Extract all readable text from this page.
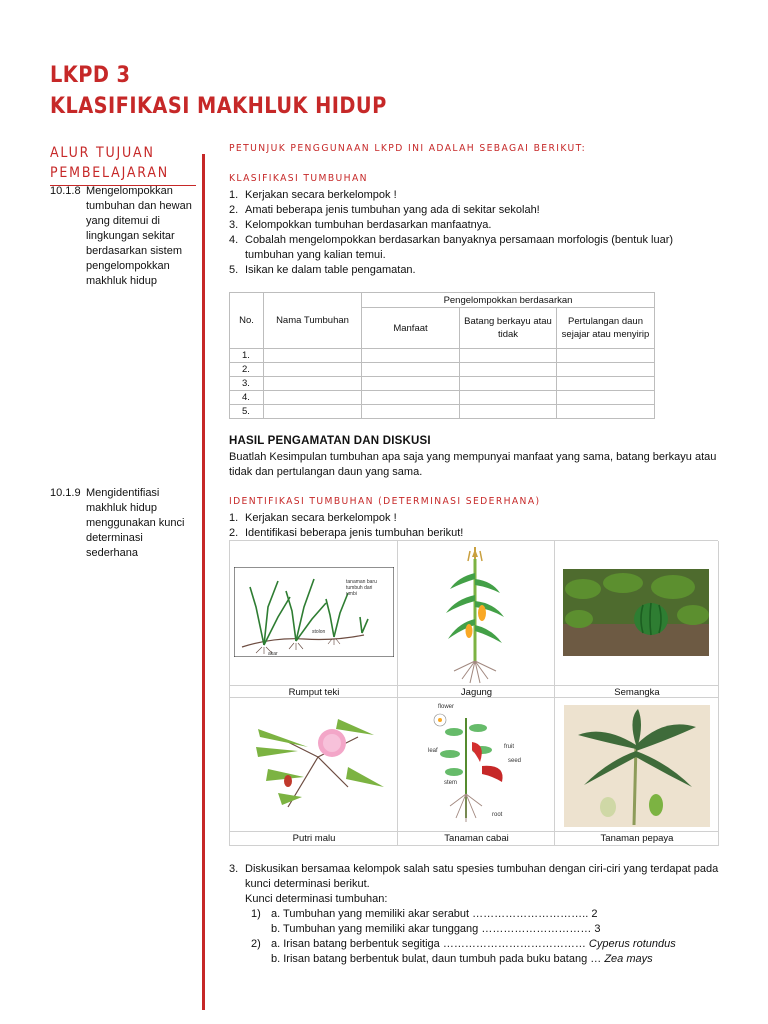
LKPD 3
KLASIFIKASI MAKHLUK HIDUP
ALUR TUJUAN
PEMBELAJARAN
10.1.8 Mengelompokkan tumbuhan dan hewan yang ditemui di lingkungan sekitar berdasarkan sistem pengelompokkan makhluk hidup
10.1.9 Mengidentifiasi makhluk hidup menggunakan kunci determinasi sederhana
PETUNJUK PENGGUNAAN LKPD INI ADALAH SEBAGAI BERIKUT:
KLASIFIKASI TUMBUHAN
1. Kerjakan secara berkelompok !
2. Amati beberapa jenis tumbuhan yang ada di sekitar sekolah!
3. Kelompokkan tumbuhan berdasarkan manfaatnya.
4. Cobalah mengelompokkan berdasarkan banyaknya persamaan morfologis (bentuk luar) tumbuhan yang kalian temui.
5. Isikan ke dalam table pengamatan.
No.	Nama Tumbuhan	Pengelompokkan berdasarkan		
		Manfaat	Batang berkayu atau tidak	Pertulangan daun sejajar atau menyirip
1.				
2.				
3.				
4.				
5.				
HASIL PENGAMATAN DAN DISKUSI
Buatlah Kesimpulan tumbuhan apa saja yang mempunyai manfaat yang sama, batang berkayu atau tidak dan pertulangan daun yang sama.
IDENTIFIKASI TUMBUHAN (DETERMINASI SEDERHANA)
1. Kerjakan secara berkelompok !
2. Identifikasi beberapa jenis tumbuhan berikut!
tanaman baru
tumbuh dari
umbi
stolon
akar
flower
leaf
fruit
seed
stem
root
Rumput teki	Jagung	Semangka
Putri malu	Tanaman cabai	Tanaman pepaya
3. Diskusikan bersamaa kelompok salah satu spesies tumbuhan dengan ciri-ciri yang terdapat pada kunci determinasi berikut.
Kunci determinasi tumbuhan:
1) a. Tumbuhan yang memiliki akar serabut ………………………….. 2
b. Tumbuhan yang memiliki akar tunggang ………………………… 3
2) a. Irisan batang berbentuk segitiga ………………………………… Cyperus rotundus
b. Irisan batang berbentuk bulat, daun tumbuh pada buku batang … Zea mays
